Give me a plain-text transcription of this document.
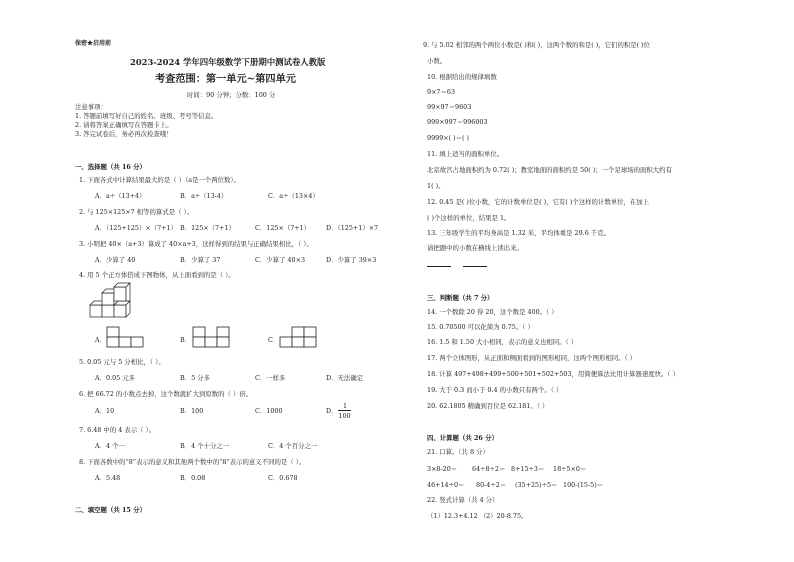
保密★启用前
2023-2024 学年四年级数学下册期中测试卷人教版
考查范围：第一单元~第四单元
时间：90 分钟；分数：100 分
注意事项：
1. 答题前填写好自己的姓名、班级、考号等信息。
2. 请将答案正确填写在答题卡上。
3. 答完试卷后，务必再次检查哦！
一、选择题（共 16 分）
1. 下面各式中计算结果最大的是（ ）（a是一个两位数）。
A．a÷（13+4）	B．a÷（13-4）	C．a÷（13×4）
2. 与 125×125×7 相等的算式是（ ）。
A．（125+125）×（7+1） B．125×（7+1）	C．125×（7+1） D．（125+1）×7
3. 小明把 40×（a+3）算成了 40×a+3，这样得到的结果与正确结果相比，（ ）。
A．少算了 40	B．少算了 37	C．少算了 40×3	D．少算了 39×3
4. 用 5 个正方体搭成下图物体，从上面看到的是（ ）。
A．	B．	C．
5. 0.05 元与 5 分相比，（ ）。
A．0.05 元多	B．5 分多	C．一样多	D．无法确定
6. 把 66.72 的小数点去掉，这个数就扩大到原数的（ ）倍。
A．10	B．100	C．1000	D．
1
100
7. 6.48 中的 4 表示（ ）。
A．4 个一	B．4 个十分之一	C．4 个百分之一
8. 下面各数中的“8”表示的意义和其他两个数中的“8”表示的意义不同的是（ ）。
A．5.48	B．0.08	C．0.678
二、填空题（共 15 分）
9. 与 5.02 相邻的两个两位小数是( )和( )，这两个数的和是( )，它们的积是( )位
小数。
10. 根据给出的规律填数
9×7＝63
99×97＝9603
999×997＝996003
9999×( )＝( )
11. 填上适当的面积单位。
北京故宫占地面积约为 0.72( )；教室地面的面积约是 50( )；一个足球场的面积大约有
1( )。
12. 0.45 是( )位小数，它的计数单位是( )，它有( )个这样的计数单位，在加上
( )个这样的单位，结果是 1。
13. 三年级学生的平均身高是 1.32 米，平均体重是 29.6 千克。
请把题中的小数在横线上读出来。
三、判断题（共 7 分）
14. 一个数除 20 得 20，这个数是 400。（ ）
15. 0.70500 可以化简为 0.75。（ ）
16. 1.5 和 1.50 大小相同，表示的意义也相同。（ ）
17. 两个立体图形，从正面和侧面看到的图形相同，这两个图形相同。（ ）
18. 计算 497+498+499+500+501+502+503，用简便算法比用计算器速度快。（ ）
19. 大于 0.3 而小于 0.4 的小数只有两个。（ ）
20. 62.1805 精确到百位是 62.181。（ ）
四、计算题（共 26 分）
21. 口算。（共 8 分）
3×8-20＝ 64÷8÷2＝ 8+15÷3＝ 18÷5×0＝
46+14÷0＝ 80-4÷2＝ (35+25)÷5＝ 100-(15-5)＝
22. 竖式计算（共 4 分）
（1）12.3+4.12 （2）20-8.75。
